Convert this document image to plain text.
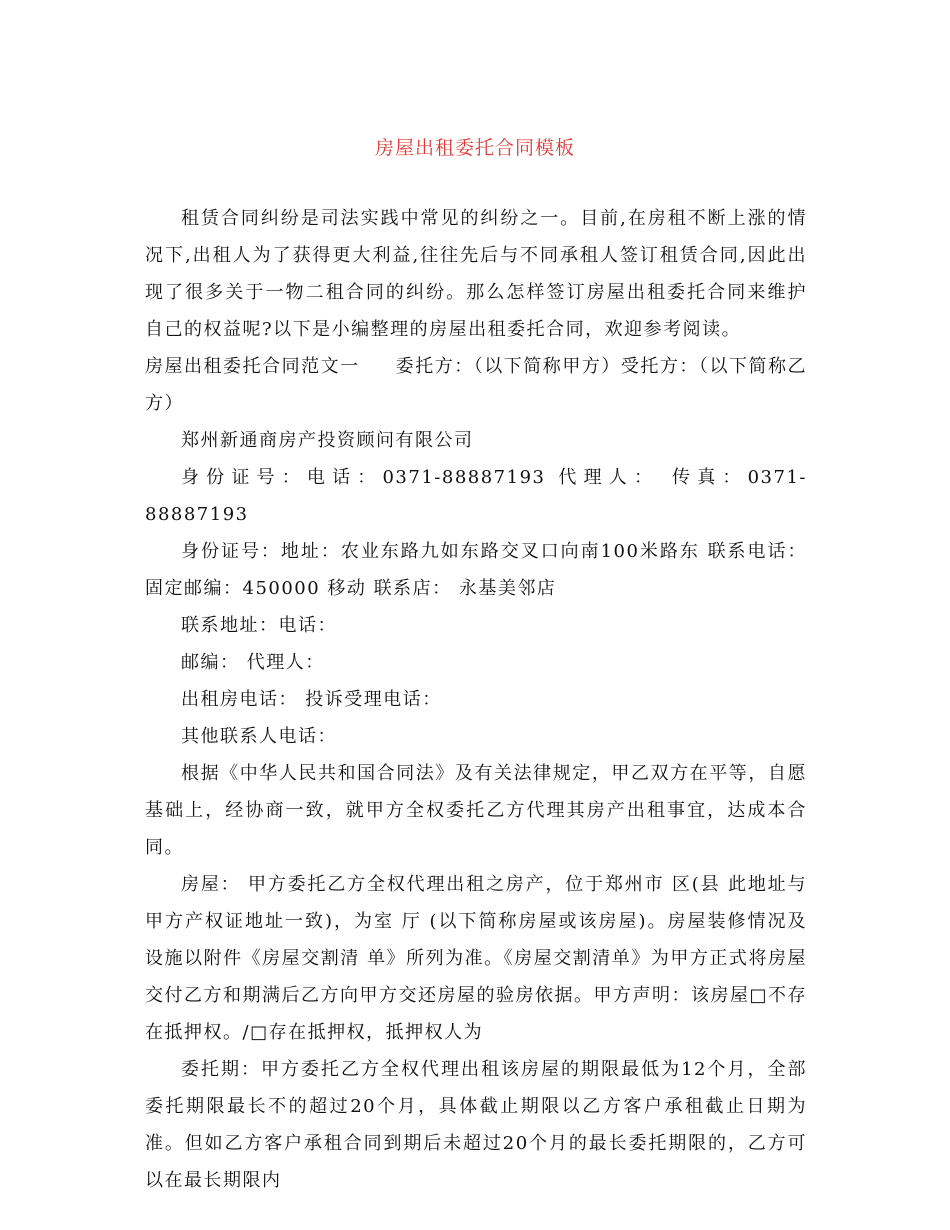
房屋出租委托合同模板

租赁合同纠纷是司法实践中常见的纠纷之一。目前,在房租不断上涨的情况下,出租人为了获得更大利益,往往先后与不同承租人签订租赁合同,因此出现了很多关于一物二租合同的纠纷。那么怎样签订房屋出租委托合同来维护自己的权益呢?以下是小编整理的房屋出租委托合同，欢迎参考阅读。

房屋出租委托合同范文一 委托方：（以下简称甲方）受托方：（以下简称乙方）

郑州新通商房产投资顾问有限公司

身份证号：电话：0371-88887193 代理人： 传真：0371-88887193

身份证号：地址：农业东路九如东路交叉口向南100米路东 联系电话： 固定邮编：450000 移动 联系店： 永基美邻店

联系地址：电话：

邮编： 代理人：

出租房电话： 投诉受理电话：

其他联系人电话：

根据《中华人民共和国合同法》及有关法律规定，甲乙双方在平等，自愿基础上，经协商一致，就甲方全权委托乙方代理其房产出租事宜，达成本合同。

房屋： 甲方委托乙方全权代理出租之房产，位于郑州市 区(县 此地址与甲方产权证地址一致)，为室 厅 (以下简称房屋或该房屋)。房屋装修情况及设施以附件《房屋交割清 单》所列为准。《房屋交割清单》为甲方正式将房屋交付乙方和期满后乙方向甲方交还房屋的验房依据。甲方声明：该房屋□不存在抵押权。/□存在抵押权，抵押权人为

委托期：甲方委托乙方全权代理出租该房屋的期限最低为12个月，全部委托期限最长不的超过20个月，具体截止期限以乙方客户承租截止日期为准。但如乙方客户承租合同到期后未超过20个月的最长委托期限的，乙方可以在最长期限内
